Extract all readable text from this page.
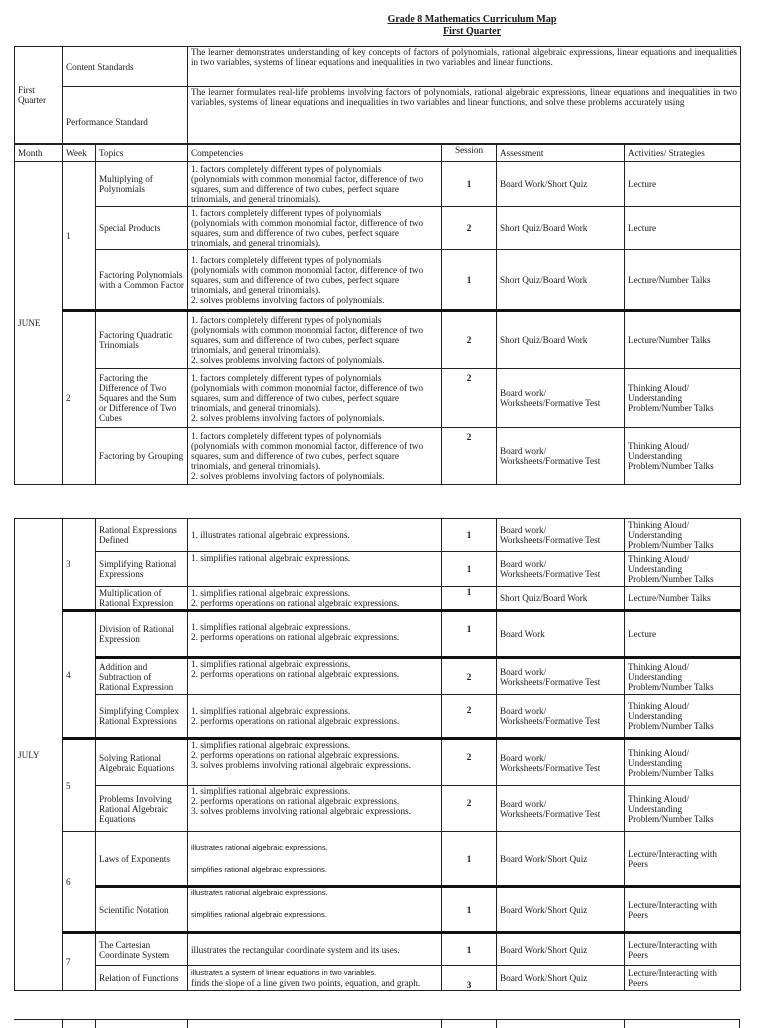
Grade 8 Mathematics Curriculum Map
First Quarter
First Quarter	Content Standards	The learner demonstrates understanding of key concepts of factors of polynomials, rational algebraic expressions, linear equations and inequalities in two variables, systems of linear equations and inequalities in two variables and linear functions.
	Performance Standard	The learner formulates real-life problems involving factors of polynomials, rational algebraic expressions, linear equations and inequalities in two variables, systems of linear equations and inequalities in two variables and linear functions, and solve these problems accurately using
Month	Week	Topics	Competencies	Session	Assessment	Activities/ Strategies
JUNE	1	Multiplying of Polynomials	1. factors completely different types of polynomials
(polynomials with common monomial factor, difference of two
squares, sum and difference of two cubes, perfect square
trinomials, and general trinomials).	1	Board Work/Short Quiz	Lecture
		Special Products	1. factors completely different types of polynomials
(polynomials with common monomial factor, difference of two
squares, sum and difference of two cubes, perfect square
trinomials, and general trinomials).	2	Short Quiz/Board Work	Lecture
		Factoring Polynomials with a Common Factor	1. factors completely different types of polynomials
(polynomials with common monomial factor, difference of two
squares, sum and difference of two cubes, perfect square
trinomials, and general trinomials).
2. solves problems involving factors of polynomials.	1	Short Quiz/Board Work	Lecture/Number Talks
	2	Factoring Quadratic Trinomials	1. factors completely different types of polynomials
(polynomials with common monomial factor, difference of two
squares, sum and difference of two cubes, perfect square
trinomials, and general trinomials).
2. solves problems involving factors of polynomials.	2	Short Quiz/Board Work	Lecture/Number Talks
		Factoring the Difference of Two Squares and the Sum or Difference of Two Cubes	1. factors completely different types of polynomials
(polynomials with common monomial factor, difference of two
squares, sum and difference of two cubes, perfect square
trinomials, and general trinomials).
2. solves problems involving factors of polynomials.	2	Board work/ Worksheets/Formative Test	Thinking Aloud/ Understanding Problem/Number Talks
		Factoring by Grouping	1. factors completely different types of polynomials
(polynomials with common monomial factor, difference of two
squares, sum and difference of two cubes, perfect square
trinomials, and general trinomials).
2. solves problems involving factors of polynomials.	2	Board work/ Worksheets/Formative Test	Thinking Aloud/ Understanding Problem/Number Talks
JULY	3	Rational Expressions Defined	1. illustrates rational algebraic expressions.	1	Board work/ Worksheets/Formative Test	Thinking Aloud/ Understanding Problem/Number Talks
		Simplifying Rational Expressions	1. simplifies rational algebraic expressions.	1	Board work/ Worksheets/Formative Test	Thinking Aloud/ Understanding Problem/Number Talks
		Multiplication of Rational Expression	1. simplifies rational algebraic expressions.
2. performs operations on rational algebraic expressions.	1	Short Quiz/Board Work	Lecture/Number Talks
	4	Division of Rational Expression	1. simplifies rational algebraic expressions.
2. performs operations on rational algebraic expressions.	1	Board Work	Lecture
		Addition and Subtraction of Rational Expression	1. simplifies rational algebraic expressions.
2. performs operations on rational algebraic expressions.	2	Board work/ Worksheets/Formative Test	Thinking Aloud/ Understanding Problem/Number Talks
		Simplifying Complex Rational Expressions	1. simplifies rational algebraic expressions.
2. performs operations on rational algebraic expressions.	2	Board work/ Worksheets/Formative Test	Thinking Aloud/ Understanding Problem/Number Talks
	5	Solving Rational Algebraic Equations	1. simplifies rational algebraic expressions.
2. performs operations on rational algebraic expressions.
3. solves problems involving rational algebraic expressions.	2	Board work/ Worksheets/Formative Test	Thinking Aloud/ Understanding Problem/Number Talks
		Problems Involving Rational Algebraic Equations	1. simplifies rational algebraic expressions.
2. performs operations on rational algebraic expressions.
3. solves problems involving rational algebraic expressions.	2	Board work/ Worksheets/Formative Test	Thinking Aloud/ Understanding Problem/Number Talks
	6	Laws of Exponents	illustrates rational algebraic expressions.
simplifies rational algebraic expressions.	1	Board Work/Short Quiz	Lecture/Interacting with Peers
		Scientific Notation	illustrates rational algebraic expressions.
simplifies rational algebraic expressions.	1	Board Work/Short Quiz	Lecture/Interacting with Peers
	7	The Cartesian Coordinate System	illustrates the rectangular coordinate system and its uses.	1	Board Work/Short Quiz	Lecture/Interacting with Peers
		Relation of Functions	illustrates a system of linear equations in two variables.
finds the slope of a line given two points, equation, and graph.	3	Board Work/Short Quiz	Lecture/Interacting with Peers
